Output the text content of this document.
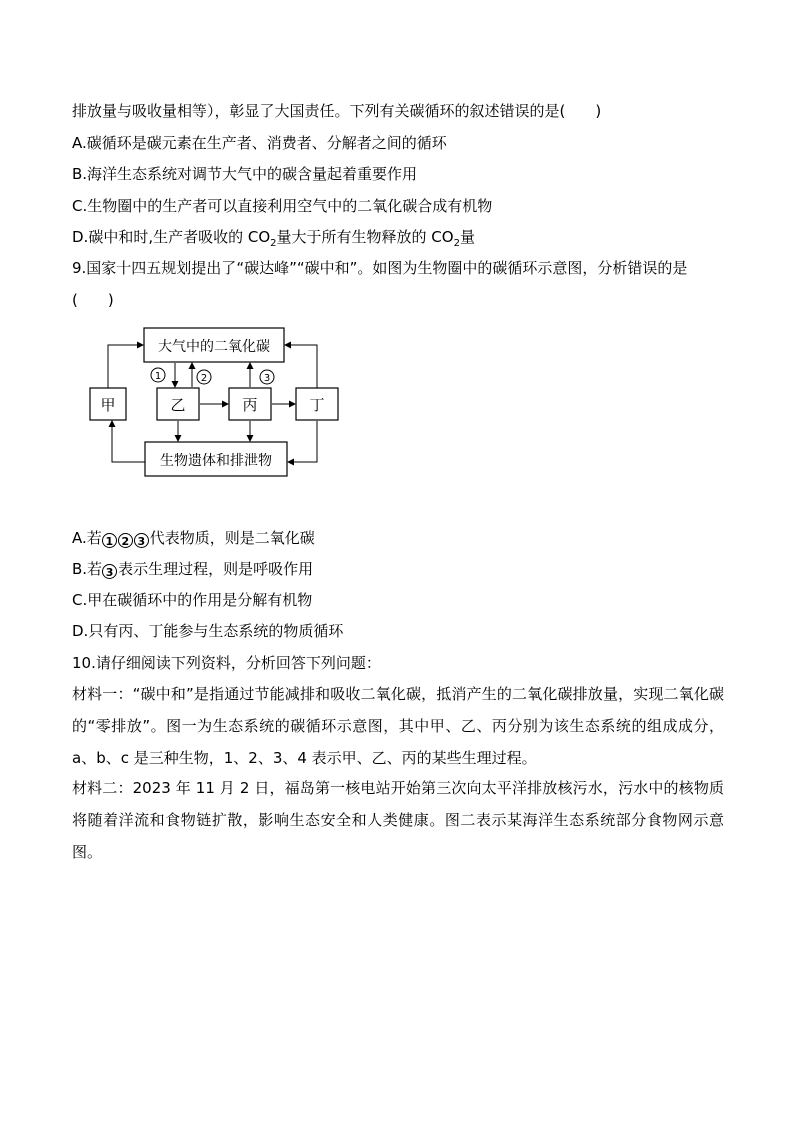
排放量与吸收量相等），彰显了大国责任。下列有关碳循环的叙述错误的是(　　)
A.碳循环是碳元素在生产者、消费者、分解者之间的循环
B.海洋生态系统对调节大气中的碳含量起着重要作用
C.生物圈中的生产者可以直接利用空气中的二氧化碳合成有机物
D.碳中和时,生产者吸收的 $CO_2$量大于所有生物释放的 $CO_2$量
9.国家十四五规划提出了“碳达峰”“碳中和”。如图为生物圈中的碳循环示意图，分析错误的是
(　　)
大气中的二氧化碳
甲	乙	丙	丁
生物遗体和排泄物
1	2	3
A.若 1 2 3 代表物质，则是二氧化碳
B.若 3 表示生理过程，则是呼吸作用
C.甲在碳循环中的作用是分解有机物
D.只有丙、丁能参与生态系统的物质循环
10.请仔细阅读下列资料，分析回答下列问题：
材料一：“碳中和”是指通过节能减排和吸收二氧化碳，抵消产生的二氧化碳排放量，实现二氧化碳的“零排放”。图一为生态系统的碳循环示意图，其中甲、乙、丙分别为该生态系统的组成成分，a、b、c 是三种生物，1、2、3、4 表示甲、乙、丙的某些生理过程。
材料二：2023 年 11 月 2 日，福岛第一核电站开始第三次向太平洋排放核污水，污水中的核物质将随着洋流和食物链扩散，影响生态安全和人类健康。图二表示某海洋生态系统部分食物网示意图。
